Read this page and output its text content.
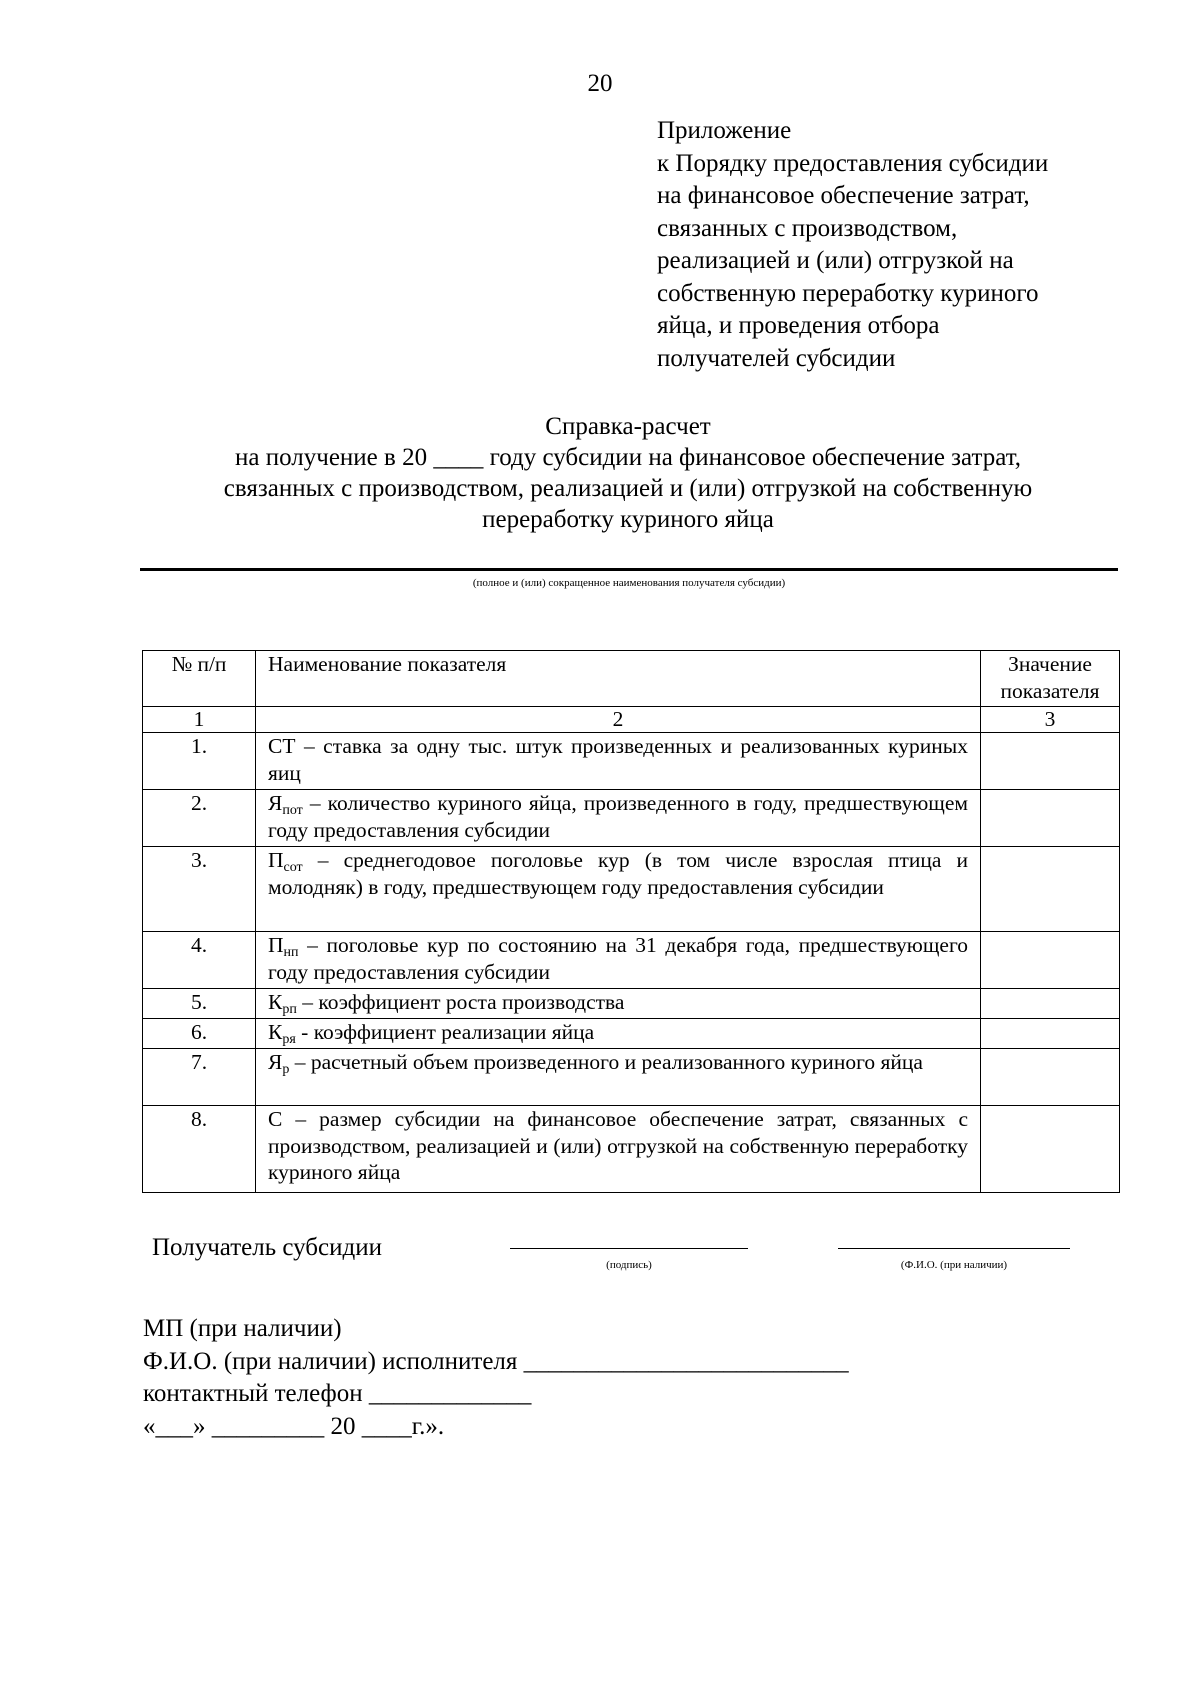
20
Приложение
к Порядку предоставления субсидии
на финансовое обеспечение затрат,
связанных с производством,
реализацией и (или) отгрузкой на
собственную переработку куриного
яйца, и проведения отбора
получателей субсидии
Справка-расчет
на получение в 20 ____ году субсидии на финансовое обеспечение затрат,
связанных с производством, реализацией и (или) отгрузкой на собственную
переработку куриного яйца
(полное и (или) сокращенное наименования получателя субсидии)
№ п/п	Наименование показателя	Значение показателя
1	2	3
1.	СТ – ставка за одну тыс. штук произведенных и реализованных куриных яиц	
2.	$Я_{пот}$ – количество куриного яйца, произведенного в году, предшествующем году предоставления субсидии	
3.	$П_{сот}$ – среднегодовое поголовье кур (в том числе взрослая птица и молодняк) в году, предшествующем году предоставления субсидии	
4.	$П_{нп}$ – поголовье кур по состоянию на 31 декабря года, предшествующего году предоставления субсидии	
5.	$К_{рп}$ – коэффициент роста производства	
6.	$К_{ря}$ - коэффициент реализации яйца	
7.	$Я_р$ – расчетный объем произведенного и реализованного куриного яйца	
8.	С – размер субсидии на финансовое обеспечение затрат, связанных с производством, реализацией и (или) отгрузкой на собственную переработку куриного яйца	
Получатель субсидии
(подпись)	(Ф.И.О. (при наличии)
МП (при наличии)
Ф.И.О. (при наличии) исполнителя __________________________
контактный телефон _____________
«___» _________ 20 ____г.».
